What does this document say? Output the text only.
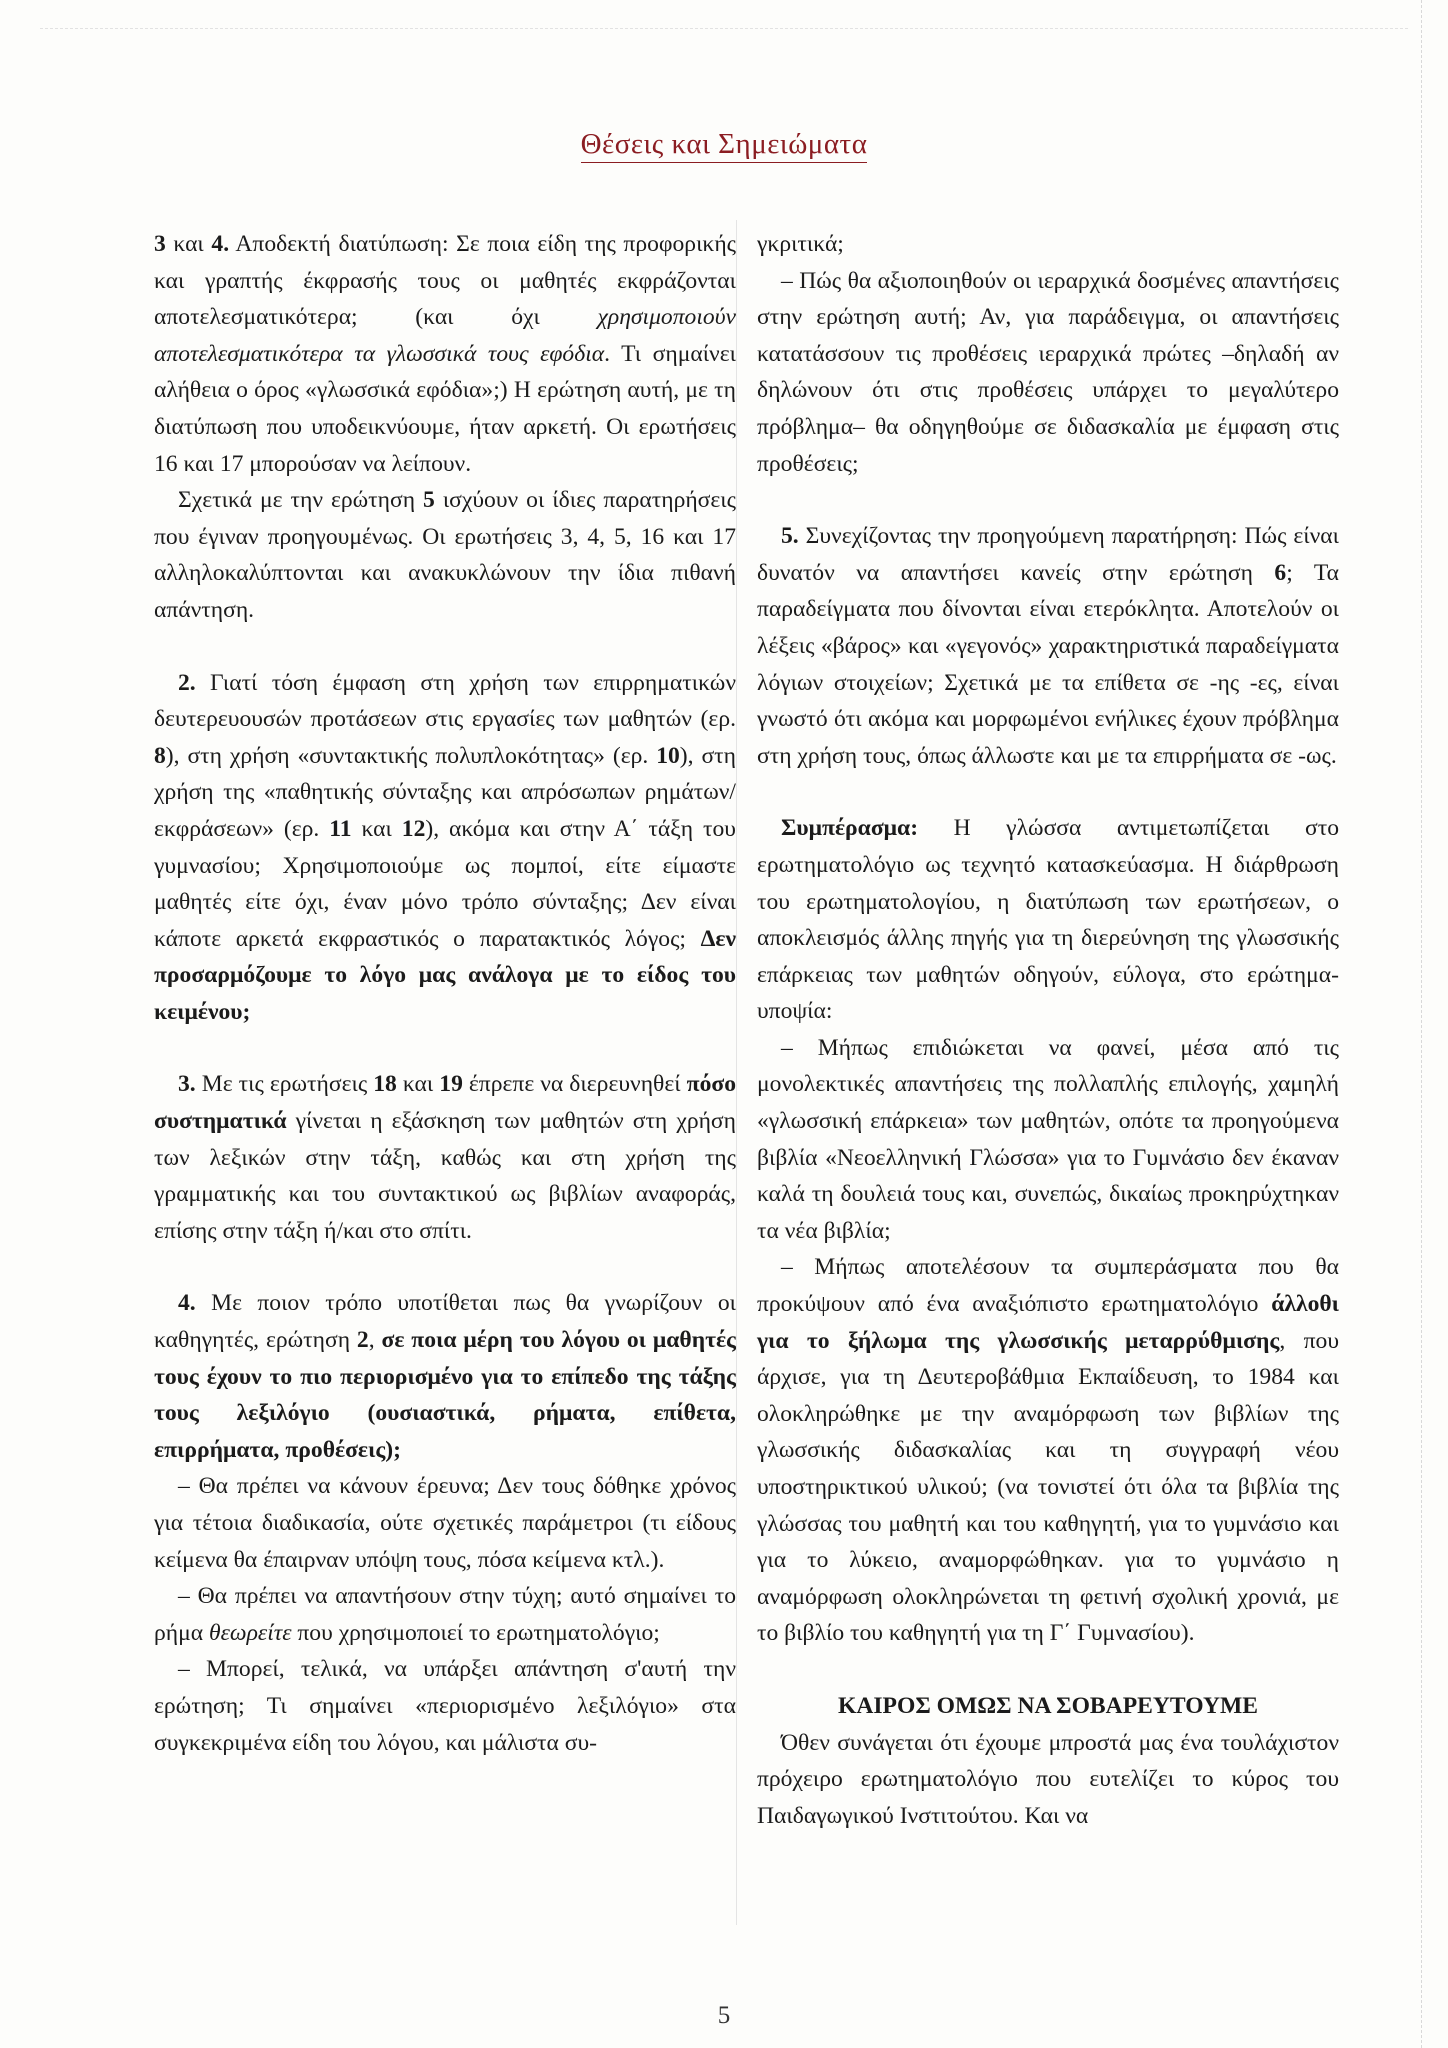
Θέσεις και Σημειώματα

3 και 4. Αποδεκτή διατύπωση: Σε ποια είδη της προφορικής και γραπτής έκφρασής τους οι μαθητές εκφράζονται αποτελεσματικότερα; (και όχι χρησιμοποιούν αποτελεσματικότερα τα γλωσσικά τους εφόδια. Τι σημαίνει αλήθεια ο όρος «γλωσσικά εφόδια»;) Η ερώτηση αυτή, με τη διατύπωση που υποδεικνύουμε, ήταν αρκετή. Οι ερωτήσεις 16 και 17 μπορούσαν να λείπουν.

Σχετικά με την ερώτηση 5 ισχύουν οι ίδιες παρατηρήσεις που έγιναν προηγουμένως. Οι ερωτήσεις 3, 4, 5, 16 και 17 αλληλοκαλύπτονται και ανακυκλώνουν την ίδια πιθανή απάντηση.

2. Γιατί τόση έμφαση στη χρήση των επιρρηματικών δευτερευουσών προτάσεων στις εργασίες των μαθητών (ερ. 8), στη χρήση «συντακτικής πολυπλοκότητας» (ερ. 10), στη χρήση της «παθητικής σύνταξης και απρόσωπων ρημάτων/εκφράσεων» (ερ. 11 και 12), ακόμα και στην Α΄ τάξη του γυμνασίου; Χρησιμοποιούμε ως πομποί, είτε είμαστε μαθητές είτε όχι, έναν μόνο τρόπο σύνταξης; Δεν είναι κάποτε αρκετά εκφραστικός ο παρατακτικός λόγος; Δεν προσαρμόζουμε το λόγο μας ανάλογα με το είδος του κειμένου;

3. Με τις ερωτήσεις 18 και 19 έπρεπε να διερευνηθεί πόσο συστηματικά γίνεται η εξάσκηση των μαθητών στη χρήση των λεξικών στην τάξη, καθώς και στη χρήση της γραμματικής και του συντακτικού ως βιβλίων αναφοράς, επίσης στην τάξη ή/και στο σπίτι.

4. Με ποιον τρόπο υποτίθεται πως θα γνωρίζουν οι καθηγητές, ερώτηση 2, σε ποια μέρη του λόγου οι μαθητές τους έχουν το πιο περιορισμένο για το επίπεδο της τάξης τους λεξιλόγιο (ουσιαστικά, ρήματα, επίθετα, επιρρήματα, προθέσεις);

– Θα πρέπει να κάνουν έρευνα; Δεν τους δόθηκε χρόνος για τέτοια διαδικασία, ούτε σχετικές παράμετροι (τι είδους κείμενα θα έπαιρναν υπόψη τους, πόσα κείμενα κτλ.).

– Θα πρέπει να απαντήσουν στην τύχη; αυτό σημαίνει το ρήμα θεωρείτε που χρησιμοποιεί το ερωτηματολόγιο;

– Μπορεί, τελικά, να υπάρξει απάντηση σ'αυτή την ερώτηση; Τι σημαίνει «περιορισμένο λεξιλόγιο» στα συγκεκριμένα είδη του λόγου, και μάλιστα συ-

γκριτικά;

– Πώς θα αξιοποιηθούν οι ιεραρχικά δοσμένες απαντήσεις στην ερώτηση αυτή; Αν, για παράδειγμα, οι απαντήσεις κατατάσσουν τις προθέσεις ιεραρχικά πρώτες –δηλαδή αν δηλώνουν ότι στις προθέσεις υπάρχει το μεγαλύτερο πρόβλημα– θα οδηγηθούμε σε διδασκαλία με έμφαση στις προθέσεις;

5. Συνεχίζοντας την προηγούμενη παρατήρηση: Πώς είναι δυνατόν να απαντήσει κανείς στην ερώτηση 6; Τα παραδείγματα που δίνονται είναι ετερόκλητα. Αποτελούν οι λέξεις «βάρος» και «γεγονός» χαρακτηριστικά παραδείγματα λόγιων στοιχείων; Σχετικά με τα επίθετα σε -ης -ες, είναι γνωστό ότι ακόμα και μορφωμένοι ενήλικες έχουν πρόβλημα στη χρήση τους, όπως άλλωστε και με τα επιρρήματα σε -ως.

Συμπέρασμα: Η γλώσσα αντιμετωπίζεται στο ερωτηματολόγιο ως τεχνητό κατασκεύασμα. Η διάρθρωση του ερωτηματολογίου, η διατύπωση των ερωτήσεων, ο αποκλεισμός άλλης πηγής για τη διερεύνηση της γλωσσικής επάρκειας των μαθητών οδηγούν, εύλογα, στο ερώτημα-υποψία:

– Μήπως επιδιώκεται να φανεί, μέσα από τις μονολεκτικές απαντήσεις της πολλαπλής επιλογής, χαμηλή «γλωσσική επάρκεια» των μαθητών, οπότε τα προηγούμενα βιβλία «Νεοελληνική Γλώσσα» για το Γυμνάσιο δεν έκαναν καλά τη δουλειά τους και, συνεπώς, δικαίως προκηρύχτηκαν τα νέα βιβλία;

– Μήπως αποτελέσουν τα συμπεράσματα που θα προκύψουν από ένα αναξιόπιστο ερωτηματολόγιο άλλοθι για το ξήλωμα της γλωσσικής μεταρρύθμισης, που άρχισε, για τη Δευτεροβάθμια Εκπαίδευση, το 1984 και ολοκληρώθηκε με την αναμόρφωση των βιβλίων της γλωσσικής διδασκαλίας και τη συγγραφή νέου υποστηρικτικού υλικού; (να τονιστεί ότι όλα τα βιβλία της γλώσσας του μαθητή και του καθηγητή, για το γυμνάσιο και για το λύκειο, αναμορφώθηκαν. για το γυμνάσιο η αναμόρφωση ολοκληρώνεται τη φετινή σχολική χρονιά, με το βιβλίο του καθηγητή για τη Γ΄ Γυμνασίου).

ΚΑΙΡΟΣ ΟΜΩΣ ΝΑ ΣΟΒΑΡΕΥΤΟΥΜΕ

Όθεν συνάγεται ότι έχουμε μπροστά μας ένα τουλάχιστον πρόχειρο ερωτηματολόγιο που ευτελίζει το κύρος του Παιδαγωγικού Ινστιτούτου. Και να

5
